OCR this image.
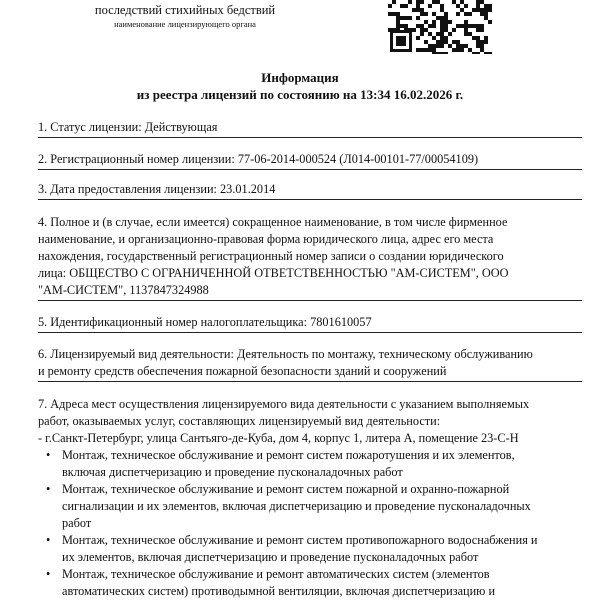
последствий стихийных бедствий
наименование лицензирующего органа
Информация
из реестра лицензий по состоянию на 13:34 16.02.2026 г.
1. Статус лицензии: Действующая
2. Регистрационный номер лицензии: 77-06-2014-000524 (Л014-00101-77/00054109)
3. Дата предоставления лицензии: 23.01.2014
4. Полное и (в случае, если имеется) сокращенное наименование, в том числе фирменное
наименование, и организационно-правовая форма юридического лица, адрес его места
нахождения, государственный регистрационный номер записи о создании юридического
лица: ОБЩЕСТВО С ОГРАНИЧЕННОЙ ОТВЕТСТВЕННОСТЬЮ "АМ-СИСТЕМ", ООО
"АМ-СИСТЕМ", 1137847324988
5. Идентификационный номер налогоплательщика: 7801610057
6. Лицензируемый вид деятельности: Деятельность по монтажу, техническому обслуживанию
и ремонту средств обеспечения пожарной безопасности зданий и сооружений
7. Адреса мест осуществления лицензируемого вида деятельности с указанием выполняемых
работ, оказываемых услуг, составляющих лицензируемый вид деятельности:
- г.Санкт-Петербург, улица Сантьяго-де-Куба, дом 4, корпус 1, литера А, помещение 23-С-Н
• Монтаж, техническое обслуживание и ремонт систем пожаротушения и их элементов,
включая диспетчеризацию и проведение пусконаладочных работ
• Монтаж, техническое обслуживание и ремонт систем пожарной и охранно-пожарной
сигнализации и их элементов, включая диспетчеризацию и проведение пусконаладочных
работ
• Монтаж, техническое обслуживание и ремонт систем противопожарного водоснабжения и
их элементов, включая диспетчеризацию и проведение пусконаладочных работ
• Монтаж, техническое обслуживание и ремонт автоматических систем (элементов
автоматических систем) противодымной вентиляции, включая диспетчеризацию и
